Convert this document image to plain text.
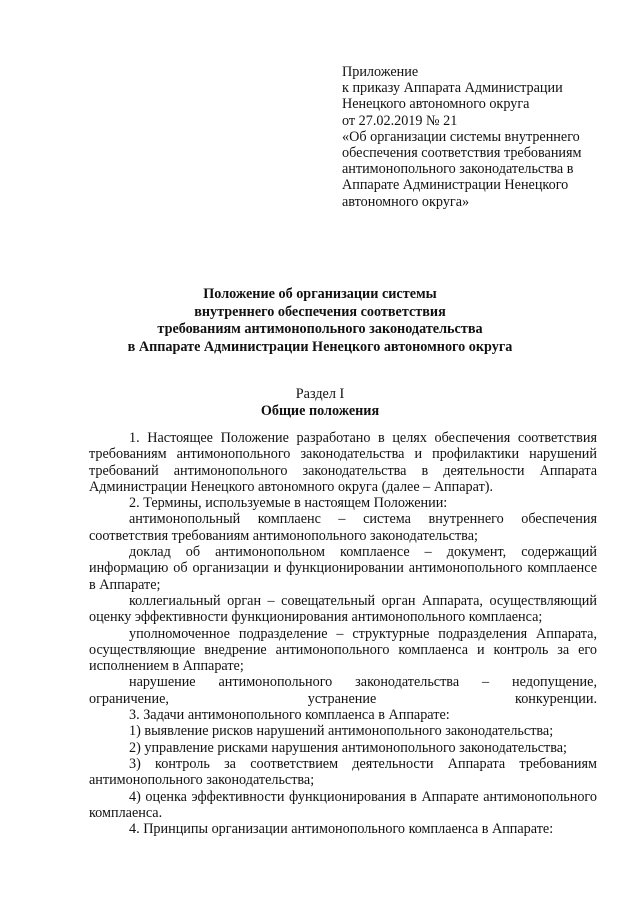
Приложение
к приказу Аппарата Администрации
Ненецкого автономного округа
от 27.02.2019 № 21
«Об организации системы внутреннего
обеспечения соответствия требованиям
антимонопольного законодательства в
Аппарате Администрации Ненецкого
автономного округа»
Положение об организации системы
внутреннего обеспечения соответствия
требованиям антимонопольного законодательства
в Аппарате Администрации Ненецкого автономного округа
Раздел I
Общие положения

1. Настоящее Положение разработано в целях обеспечения соответствия требованиям антимонопольного законодательства и профилактики нарушений требований антимонопольного законодательства в деятельности Аппарата Администрации Ненецкого автономного округа (далее – Аппарат).

2. Термины, используемые в настоящем Положении:

антимонопольный комплаенс – система внутреннего обеспечения соответствия требованиям антимонопольного законодательства;

доклад об антимонопольном комплаенсе – документ, содержащий информацию об организации и функционировании антимонопольного комплаенсе в Аппарате;

коллегиальный орган – совещательный орган Аппарата, осуществляющий оценку эффективности функционирования антимонопольного комплаенса;

уполномоченное подразделение – структурные подразделения Аппарата, осуществляющие внедрение антимонопольного комплаенса и контроль за его исполнением в Аппарате;

нарушение антимонопольного законодательства – недопущение, ограничение, устранение конкуренции.

3. Задачи антимонопольного комплаенса в Аппарате:

1) выявление рисков нарушений антимонопольного законодательства;

2) управление рисками нарушения антимонопольного законодательства;

3) контроль за соответствием деятельности Аппарата требованиям антимонопольного законодательства;

4) оценка эффективности функционирования в Аппарате антимонопольного комплаенса.

4. Принципы организации антимонопольного комплаенса в Аппарате:
